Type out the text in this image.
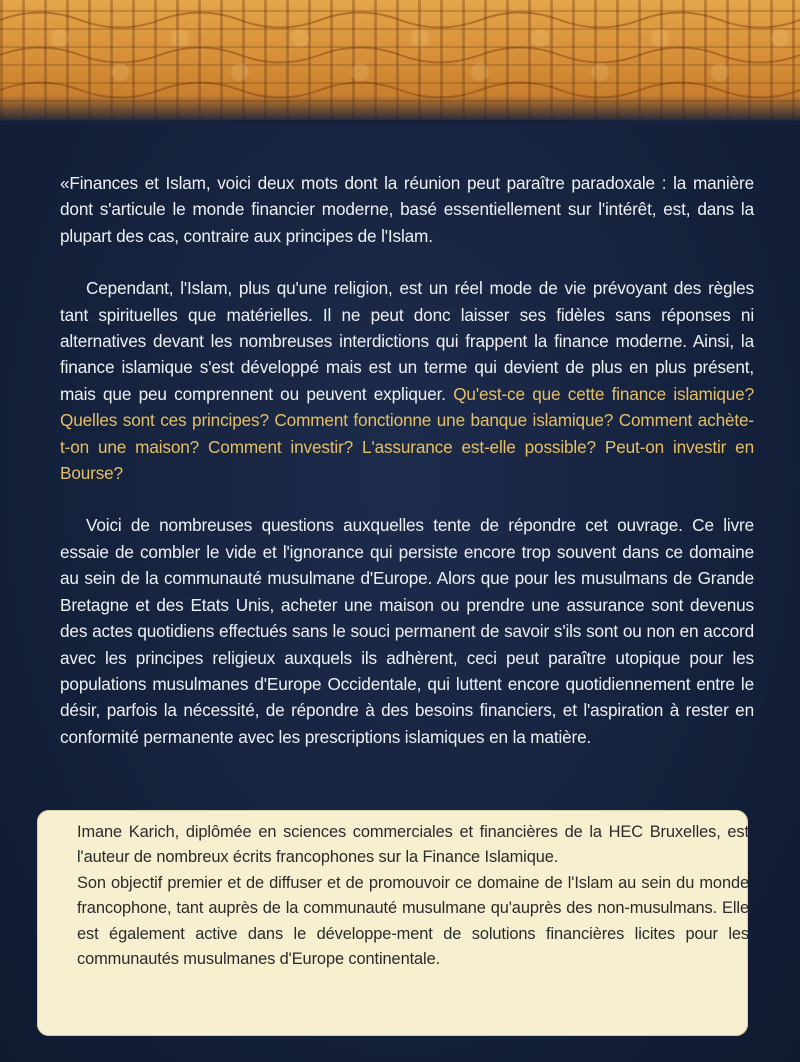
«Finances et Islam, voici deux mots dont la réunion peut paraître paradoxale : la manière dont s'articule le monde financier moderne, basé essentiellement sur l'intérêt, est, dans la plupart des cas, contraire aux principes de l'Islam.

Cependant, l'Islam, plus qu'une religion, est un réel mode de vie prévoyant des règles tant spirituelles que matérielles. Il ne peut donc laisser ses fidèles sans réponses ni alternatives devant les nombreuses interdictions qui frappent la finance moderne. Ainsi, la finance islamique s'est développé mais est un terme qui devient de plus en plus présent, mais que peu comprennent ou peuvent expliquer. Qu'est-ce que cette finance islamique? Quelles sont ces principes? Comment fonctionne une banque islamique? Comment achète-t-on une maison? Comment investir? L'assurance est-elle possible? Peut-on investir en Bourse?

Voici de nombreuses questions auxquelles tente de répondre cet ouvrage. Ce livre essaie de combler le vide et l'ignorance qui persiste encore trop souvent dans ce domaine au sein de la communauté musulmane d'Europe. Alors que pour les musulmans de Grande Bretagne et des Etats Unis, acheter une maison ou prendre une assurance sont devenus des actes quotidiens effectués sans le souci permanent de savoir s'ils sont ou non en accord avec les principes religieux auxquels ils adhèrent, ceci peut paraître utopique pour les populations musulmanes d'Europe Occidentale, qui luttent encore quotidiennement entre le désir, parfois la nécessité, de répondre à des besoins financiers, et l'aspiration à rester en conformité permanente avec les prescriptions islamiques en la matière.

Imane Karich, diplômée en sciences commerciales et financières de la HEC Bruxelles, est l'auteur de nombreux écrits francophones sur la Finance Islamique.

Son objectif premier et de diffuser et de promouvoir ce domaine de l'Islam au sein du monde francophone, tant auprès de la communauté musulmane qu'auprès des non-musulmans. Elle est également active dans le développe-ment de solutions financières licites pour les communautés musulmanes d'Europe continentale.
